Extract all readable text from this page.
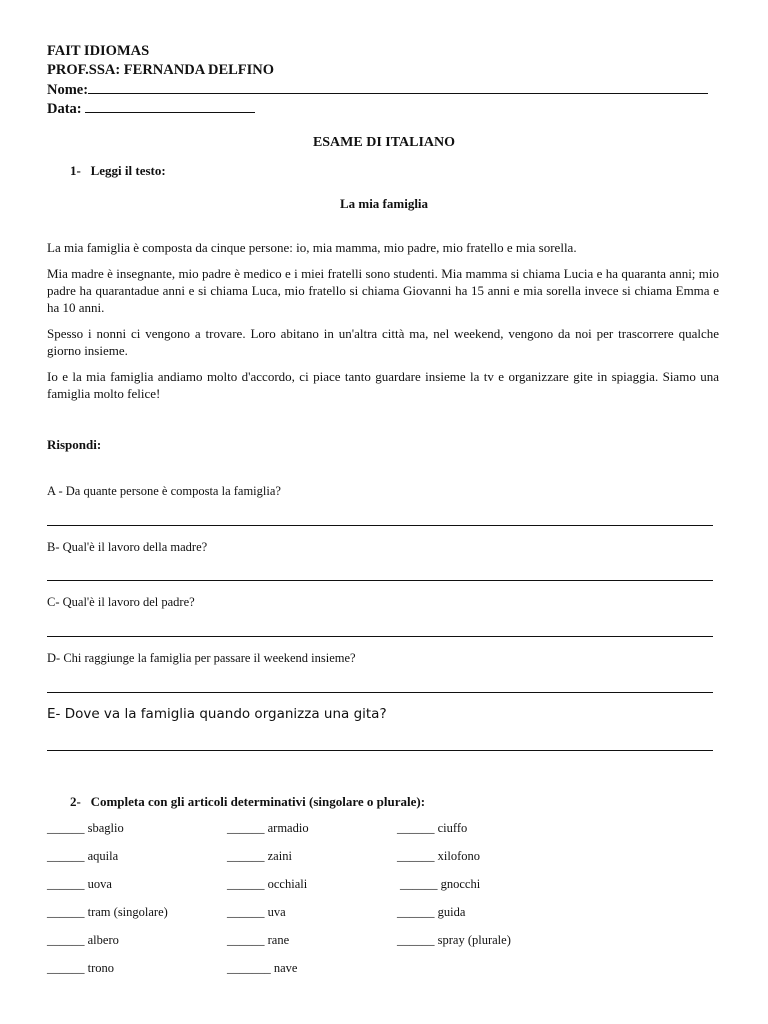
FAIT IDIOMAS
PROF.SSA: FERNANDA DELFINO
Nome:
Data:
ESAME DI ITALIANO
1- Leggi il testo:
La mia famiglia
La mia famiglia è composta da cinque persone: io, mia mamma, mio padre, mio fratello e mia sorella.
Mia madre è insegnante, mio padre è medico e i miei fratelli sono studenti. Mia mamma si chiama Lucia e ha quaranta anni; mio padre ha quarantadue anni e si chiama Luca, mio fratello si chiama Giovanni ha 15 anni e mia sorella invece si chiama Emma e ha 10 anni.
Spesso i nonni ci vengono a trovare. Loro abitano in un'altra città ma, nel weekend, vengono da noi per trascorrere qualche giorno insieme.
Io e la mia famiglia andiamo molto d'accordo, ci piace tanto guardare insieme la tv e organizzare gite in spiaggia. Siamo una famiglia molto felice!
Rispondi:
A - Da quante persone è composta la famiglia?
B- Qual'è il lavoro della madre?
C- Qual'è il lavoro del padre?
D- Chi raggiunge la famiglia per passare il weekend insieme?
E- Dove va la famiglia quando organizza una gita?
2- Completa con gli articoli determinativi (singolare o plurale):
______ sbaglio
______ aquila
______ uova
______ tram (singolare)
______ albero
______ trono
______ armadio
______ zaini
______ occhiali
______ uva
______ rane
_______ nave
______ ciuffo
______ xilofono
______ gnocchi
______ guida
______ spray (plurale)
